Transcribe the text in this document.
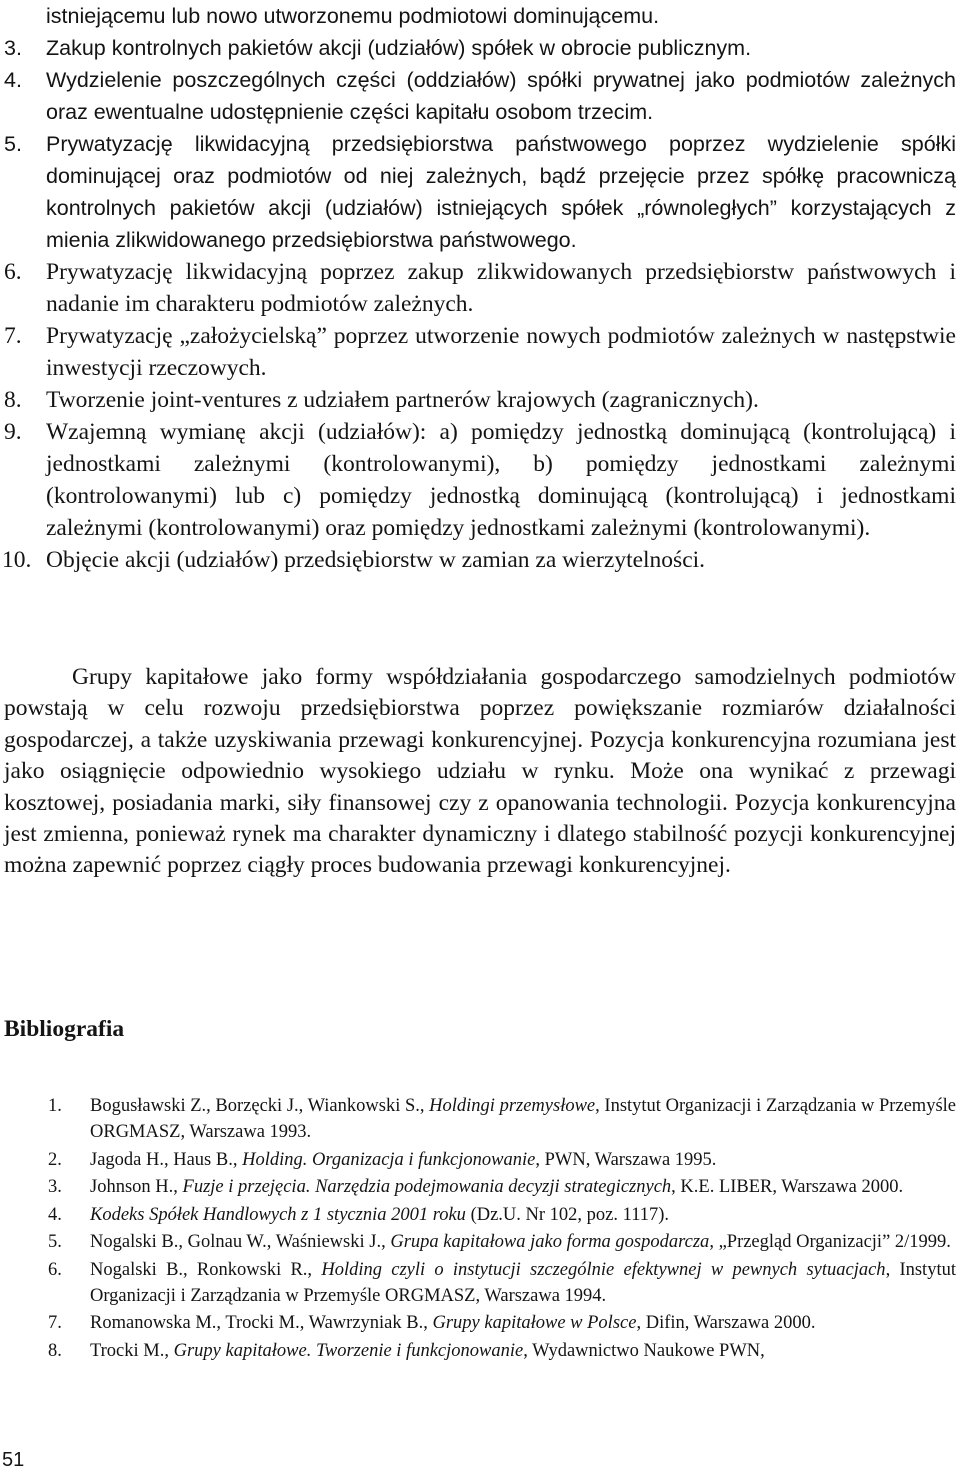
istniejącemu lub nowo utworzonemu podmiotowi dominującemu.
3. Zakup kontrolnych pakietów akcji (udziałów) spółek w obrocie publicznym.
4. Wydzielenie poszczególnych części (oddziałów) spółki prywatnej jako podmiotów zależnych oraz ewentualne udostępnienie części kapitału osobom trzecim.
5. Prywatyzację likwidacyjną przedsiębiorstwa państwowego poprzez wydzielenie spółki dominującej oraz podmiotów od niej zależnych, bądź przejęcie przez spółkę pracowniczą kontrolnych pakietów akcji (udziałów) istniejących spółek „równoległych” korzystających z mienia zlikwidowanego przedsiębiorstwa państwowego.
6. Prywatyzację likwidacyjną poprzez zakup zlikwidowanych przedsiębiorstw państwowych i nadanie im charakteru podmiotów zależnych.
7. Prywatyzację „założycielską” poprzez utworzenie nowych podmiotów zależnych w następstwie inwestycji rzeczowych.
8. Tworzenie joint-ventures z udziałem partnerów krajowych (zagranicznych).
9. Wzajemną wymianę akcji (udziałów): a) pomiędzy jednostką dominującą (kontrolującą) i jednostkami zależnymi (kontrolowanymi), b) pomiędzy jednostkami zależnymi (kontrolowanymi) lub c) pomiędzy jednostką dominującą (kontrolującą) i jednostkami zależnymi (kontrolowanymi) oraz pomiędzy jednostkami zależnymi (kontrolowanymi).
10. Objęcie akcji (udziałów) przedsiębiorstw w zamian za wierzytelności.

Grupy kapitałowe jako formy współdziałania gospodarczego samodzielnych podmiotów powstają w celu rozwoju przedsiębiorstwa poprzez powiększanie rozmiarów działalności gospodarczej, a także uzyskiwania przewagi konkurencyjnej. Pozycja konkurencyjna rozumiana jest jako osiągnięcie odpowiednio wysokiego udziału w rynku. Może ona wynikać z przewagi kosztowej, posiadania marki, siły finansowej czy z opanowania technologii. Pozycja konkurencyjna jest zmienna, ponieważ rynek ma charakter dynamiczny i dlatego stabilność pozycji konkurencyjnej można zapewnić poprzez ciągły proces budowania przewagi konkurencyjnej.

Bibliografia
1. Bogusławski Z., Borzęcki J., Wiankowski S., Holdingi przemysłowe, Instytut Organizacji i Zarządzania w Przemyśle ORGMASZ, Warszawa 1993.
2. Jagoda H., Haus B., Holding. Organizacja i funkcjonowanie, PWN, Warszawa 1995.
3. Johnson H., Fuzje i przejęcia. Narzędzia podejmowania decyzji strategicznych, K.E. LIBER, Warszawa 2000.
4. Kodeks Spółek Handlowych z 1 stycznia 2001 roku (Dz.U. Nr 102, poz. 1117).
5. Nogalski B., Golnau W., Waśniewski J., Grupa kapitałowa jako forma gospodarcza, „Przegląd Organizacji” 2/1999.
6. Nogalski B., Ronkowski R., Holding czyli o instytucji szczególnie efektywnej w pewnych sytuacjach, Instytut Organizacji i Zarządzania w Przemyśle ORGMASZ, Warszawa 1994.
7. Romanowska M., Trocki M., Wawrzyniak B., Grupy kapitałowe w Polsce, Difin, Warszawa 2000.
8. Trocki M., Grupy kapitałowe. Tworzenie i funkcjonowanie, Wydawnictwo Naukowe PWN,
51
